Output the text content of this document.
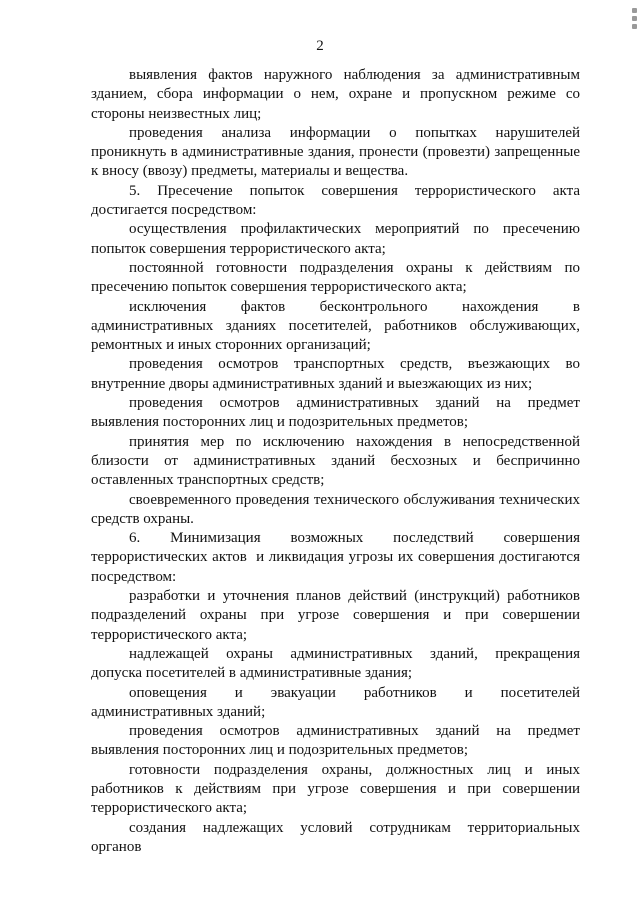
2

выявления фактов наружного наблюдения за административным зданием, сбора информации о нем, охране и пропускном режиме со стороны неизвестных лиц;

проведения анализа информации о попытках нарушителей проникнуть в административные здания, пронести (провезти) запрещенные к вносу (ввозу) предметы, материалы и вещества.

5.    Пресечение    попыток    совершения    террористического    акта достигается посредством:

осуществления профилактических мероприятий по пресечению попыток совершения террористического акта;

постоянной готовности подразделения охраны к действиям по пресечению попыток совершения террористического акта;

исключения фактов бесконтрольного нахождения в административных зданиях посетителей, работников обслуживающих, ремонтных и иных сторонних организаций;

проведения осмотров транспортных средств, въезжающих во внутренние дворы административных зданий и выезжающих из них;

проведения осмотров административных зданий на предмет выявления посторонних лиц и подозрительных предметов;

принятия мер по исключению нахождения в непосредственной близости от административных зданий бесхозных и беспричинно оставленных транспортных средств;

своевременного проведения технического обслуживания технических средств охраны.

6.      Минимизация      возможных      последствий      совершения террористических актов  и ликвидация угрозы их совершения достигаются посредством:

разработки и уточнения планов действий (инструкций) работников подразделений охраны при угрозе совершения и при совершении террористического акта;

надлежащей охраны административных зданий, прекращения допуска посетителей в административные здания;

оповещения и эвакуации работников и посетителей административных зданий;

проведения осмотров административных зданий на предмет выявления посторонних лиц и подозрительных предметов;

готовности подразделения охраны, должностных лиц и иных работников к действиям при угрозе совершения и при совершении террористического акта;

создания надлежащих условий сотрудникам территориальных органов
